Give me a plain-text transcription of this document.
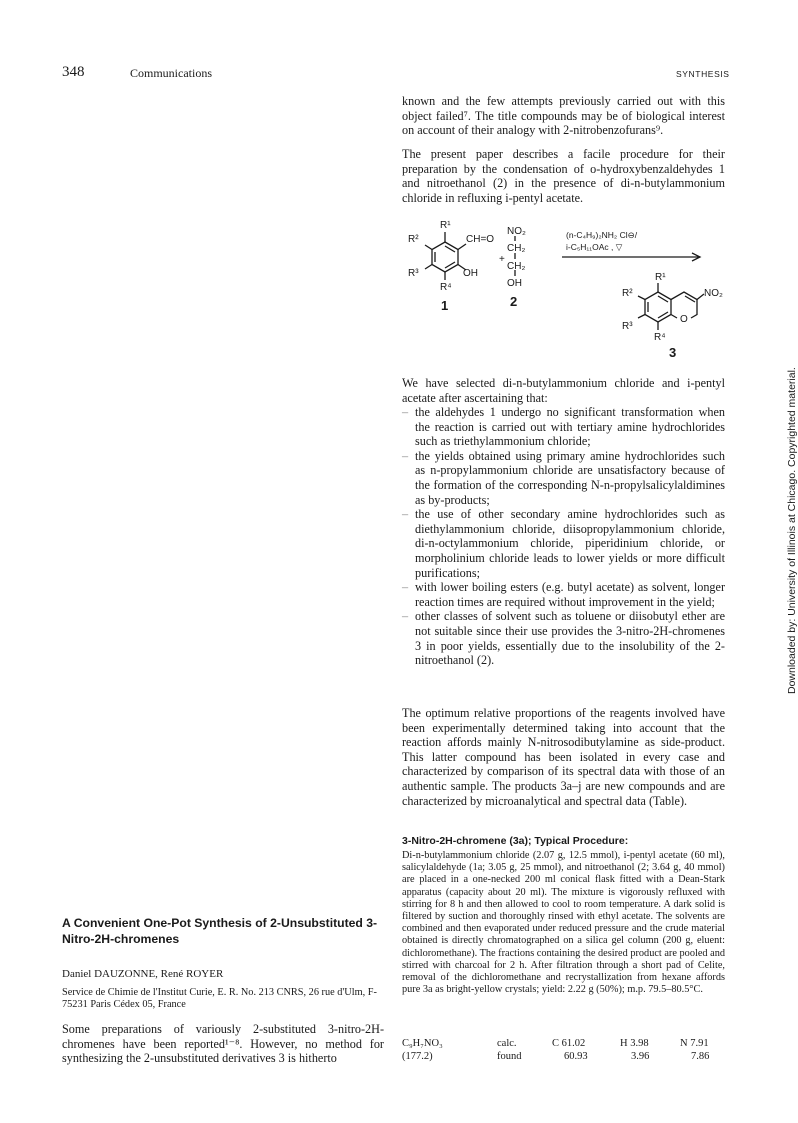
348	Communications	SYNTHESIS

known and the few attempts previously carried out with this object failed⁷. The title compounds may be of biological interest on account of their analogy with 2-nitrobenzofurans⁹.

The present paper describes a facile procedure for their preparation by the condensation of o-hydroxybenzaldehydes 1 and nitroethanol (2) in the presence of di-n-butylammonium chloride in refluxing i-pentyl acetate.

R¹
R²
R³
R⁴
CH=O
OH
1
NO₂
CH₂
+
CH₂
OH
2
(n-C₄H₉)₂NH₂ Cl⊖/
i-C₅H₁₁OAc , ▽
R¹
R²
R³
R⁴
NO₂
O
3

We have selected di-n-butylammonium chloride and i-pentyl acetate after ascertaining that:

– the aldehydes 1 undergo no significant transformation when the reaction is carried out with tertiary amine hydrochlorides such as triethylammonium chloride;
– the yields obtained using primary amine hydrochlorides such as n-propylammonium chloride are unsatisfactory because of the formation of the corresponding N-n-propylsalicylaldimines as by-products;
– the use of other secondary amine hydrochlorides such as diethylammonium chloride, diisopropylammonium chloride, di-n-octylammonium chloride, piperidinium chloride, or morpholinium chloride leads to lower yields or more difficult purifications;
– with lower boiling esters (e.g. butyl acetate) as solvent, longer reaction times are required without improvement in the yield;
– other classes of solvent such as toluene or diisobutyl ether are not suitable since their use provides the 3-nitro-2H-chromenes 3 in poor yields, essentially due to the insolubility of the 2-nitroethanol (2).

The optimum relative proportions of the reagents involved have been experimentally determined taking into account that the reaction affords mainly N-nitrosodibutylamine as side-product. This latter compound has been isolated in every case and characterized by comparison of its spectral data with those of an authentic sample. The products 3a–j are new compounds and are characterized by microanalytical and spectral data (Table).

3-Nitro-2H-chromene (3a); Typical Procedure:

Di-n-butylammonium chloride (2.07 g, 12.5 mmol), i-pentyl acetate (60 ml), salicylaldehyde (1a; 3.05 g, 25 mmol), and nitroethanol (2; 3.64 g, 40 mmol) are placed in a one-necked 200 ml conical flask fitted with a Dean-Stark apparatus (capacity about 20 ml). The mixture is vigorously refluxed with stirring for 8 h and then allowed to cool to room temperature. A dark solid is filtered by suction and thoroughly rinsed with ethyl acetate. The solvents are combined and then evaporated under reduced pressure and the crude material obtained is directly chromatographed on a silica gel column (200 g, eluent: dichloromethane). The fractions containing the desired product are pooled and stirred with charcoal for 2 h. After filtration through a short pad of Celite, removal of the dichloromethane and recrystallization from hexane affords pure 3a as bright-yellow crystals; yield: 2.22 g (50%); m.p. 79.5–80.5°C.

C₉H₇NO₃	calc.	C 61.02	H 3.98	N 7.91
(177.2)	found	60.93	3.96	7.86
A Convenient One-Pot Synthesis of 2-Unsubstituted 3-Nitro-2H-chromenes
Daniel DAUZONNE, René ROYER
Service de Chimie de l'Institut Curie, E. R. No. 213 CNRS, 26 rue d'Ulm, F-75231 Paris Cédex 05, France

Some preparations of variously 2-substituted 3-nitro-2H-chromenes have been reported¹⁻⁸. However, no method for synthesizing the 2-unsubstituted derivatives 3 is hitherto

Downloaded by: University of Illinois at Chicago. Copyrighted material.
